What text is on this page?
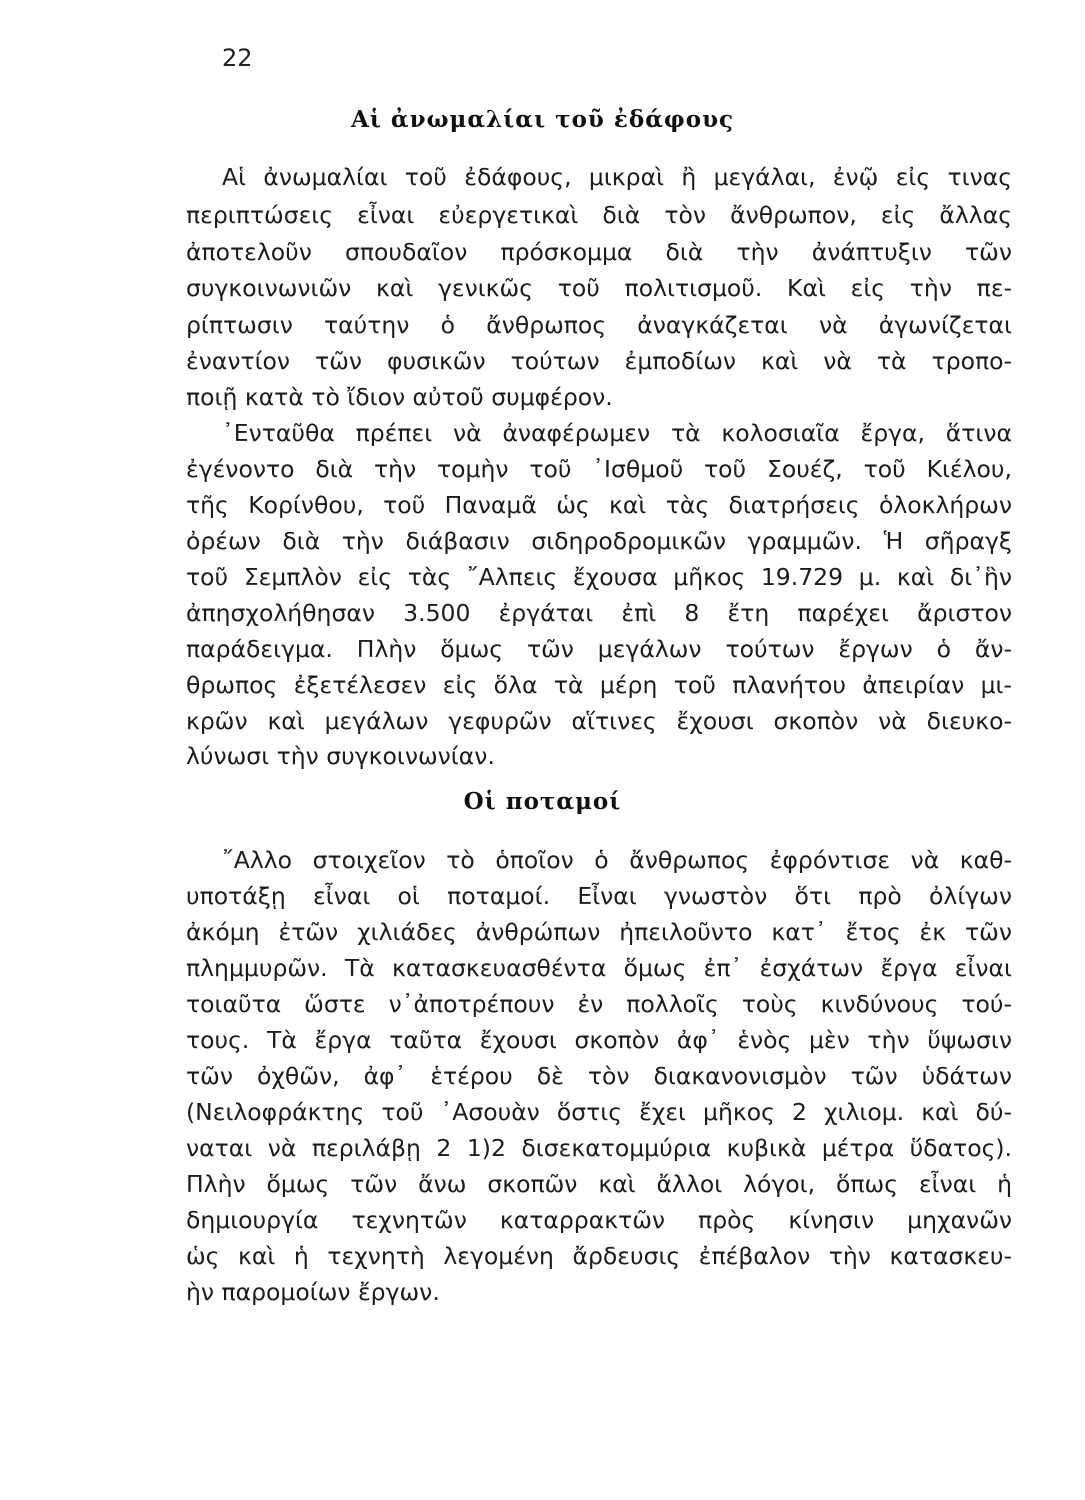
22
Αἱ ἀνωμαλίαι τοῦ ἐδάφους
Αἱ ἀνωμαλίαι τοῦ ἐδάφους, μικραὶ ἢ μεγάλαι, ἐνῷ εἰς τινας
περιπτώσεις εἶναι εὐεργετικαὶ διὰ τὸν ἄνθρωπον, εἰς ἄλλας
ἀποτελοῦν σπουδαῖον πρόσκομμα διὰ τὴν ἀνάπτυξιν τῶν
συγκοινωνιῶν καὶ γενικῶς τοῦ πολιτισμοῦ. Καὶ εἰς τὴν πε-
ρίπτωσιν ταύτην ὁ ἄνθρωπος ἀναγκάζεται νὰ ἀγωνίζεται
ἐναντίον τῶν φυσικῶν τούτων ἐμποδίων καὶ νὰ τὰ τροπο-
ποιῇ κατὰ τὸ ἴδιον αὐτοῦ συμφέρον.
᾿Ενταῦθα πρέπει νὰ ἀναφέρωμεν τὰ κολοσιαῖα ἔργα, ἅτινα
ἐγένοντο διὰ τὴν τομὴν τοῦ ᾿Ισθμοῦ τοῦ Σουέζ, τοῦ Κιέλου,
τῆς Κορίνθου, τοῦ Παναμᾶ ὡς καὶ τὰς διατρήσεις ὁλοκλήρων
ὀρέων διὰ τὴν διάβασιν σιδηροδρομικῶν γραμμῶν. Ἡ σῆραγξ
τοῦ Σεμπλὸν εἰς τὰς ῎Αλπεις ἔχουσα μῆκος 19.729 μ. καὶ δι᾿ἣν
ἀπησχολήθησαν 3.500 ἐργάται ἐπὶ 8 ἔτη παρέχει ἄριστον
παράδειγμα. Πλὴν ὅμως τῶν μεγάλων τούτων ἔργων ὁ ἄν-
θρωπος ἐξετέλεσεν εἰς ὅλα τὰ μέρη τοῦ πλανήτου ἀπειρίαν μι-
κρῶν καὶ μεγάλων γεφυρῶν αἵτινες ἔχουσι σκοπὸν νὰ διευκο-
λύνωσι τὴν συγκοινωνίαν.
Οἱ ποταμοί
῎Αλλο στοιχεῖον τὸ ὁποῖον ὁ ἄνθρωπος ἐφρόντισε νὰ καθ-
υποτάξῃ εἶναι οἱ ποταμοί. Εἶναι γνωστὸν ὅτι πρὸ ὀλίγων
ἀκόμη ἐτῶν χιλιάδες ἀνθρώπων ἠπειλοῦντο κατ᾿ ἔτος ἐκ τῶν
πλημμυρῶν. Τὰ κατασκευασθέντα ὅμως ἐπ᾿ ἐσχάτων ἔργα εἶναι
τοιαῦτα ὥστε ν᾿ἀποτρέπουν ἐν πολλοῖς τοὺς κινδύνους τού-
τους. Τὰ ἔργα ταῦτα ἔχουσι σκοπὸν ἀφ᾿ ἑνὸς μὲν τὴν ὕψωσιν
τῶν ὀχθῶν, ἀφ᾿ ἑτέρου δὲ τὸν διακανονισμὸν τῶν ὑδάτων
(Νειλοφράκτης τοῦ ᾿Ασουὰν ὅστις ἔχει μῆκος 2 χιλιομ. καὶ δύ-
ναται νὰ περιλάβῃ 2 1)2 δισεκατομμύρια κυβικὰ μέτρα ὕδατος).
Πλὴν ὅμως τῶν ἄνω σκοπῶν καὶ ἄλλοι λόγοι, ὅπως εἶναι ἡ
δημιουργία τεχνητῶν καταρρακτῶν πρὸς κίνησιν μηχανῶν
ὡς καὶ ἡ τεχνητὴ λεγομένη ἄρδευσις ἐπέβαλον τὴν κατασκευ-
ὴν παρομοίων ἔργων.
